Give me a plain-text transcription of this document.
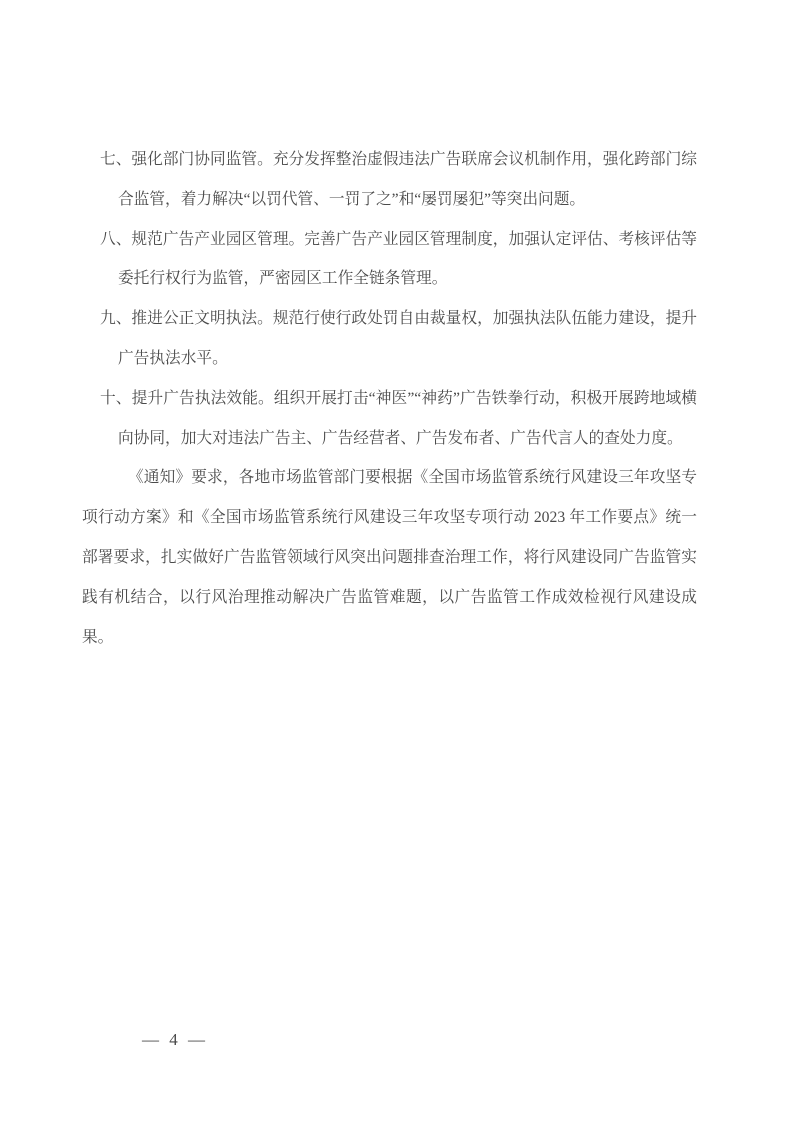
七、强化部门协同监管。充分发挥整治虚假违法广告联席会议机制作用，强化跨部门综合监管，着力解决“以罚代管、一罚了之”和“屡罚屡犯”等突出问题。

八、规范广告产业园区管理。完善广告产业园区管理制度，加强认定评估、考核评估等委托行权行为监管，严密园区工作全链条管理。

九、推进公正文明执法。规范行使行政处罚自由裁量权，加强执法队伍能力建设，提升广告执法水平。

十、提升广告执法效能。组织开展打击“神医”“神药”广告铁拳行动，积极开展跨地域横向协同，加大对违法广告主、广告经营者、广告发布者、广告代言人的查处力度。

《通知》要求，各地市场监管部门要根据《全国市场监管系统行风建设三年攻坚专项行动方案》和《全国市场监管系统行风建设三年攻坚专项行动 2023 年工作要点》统一部署要求，扎实做好广告监管领域行风突出问题排查治理工作，将行风建设同广告监管实践有机结合，以行风治理推动解决广告监管难题，以广告监管工作成效检视行风建设成果。

— 4 —
